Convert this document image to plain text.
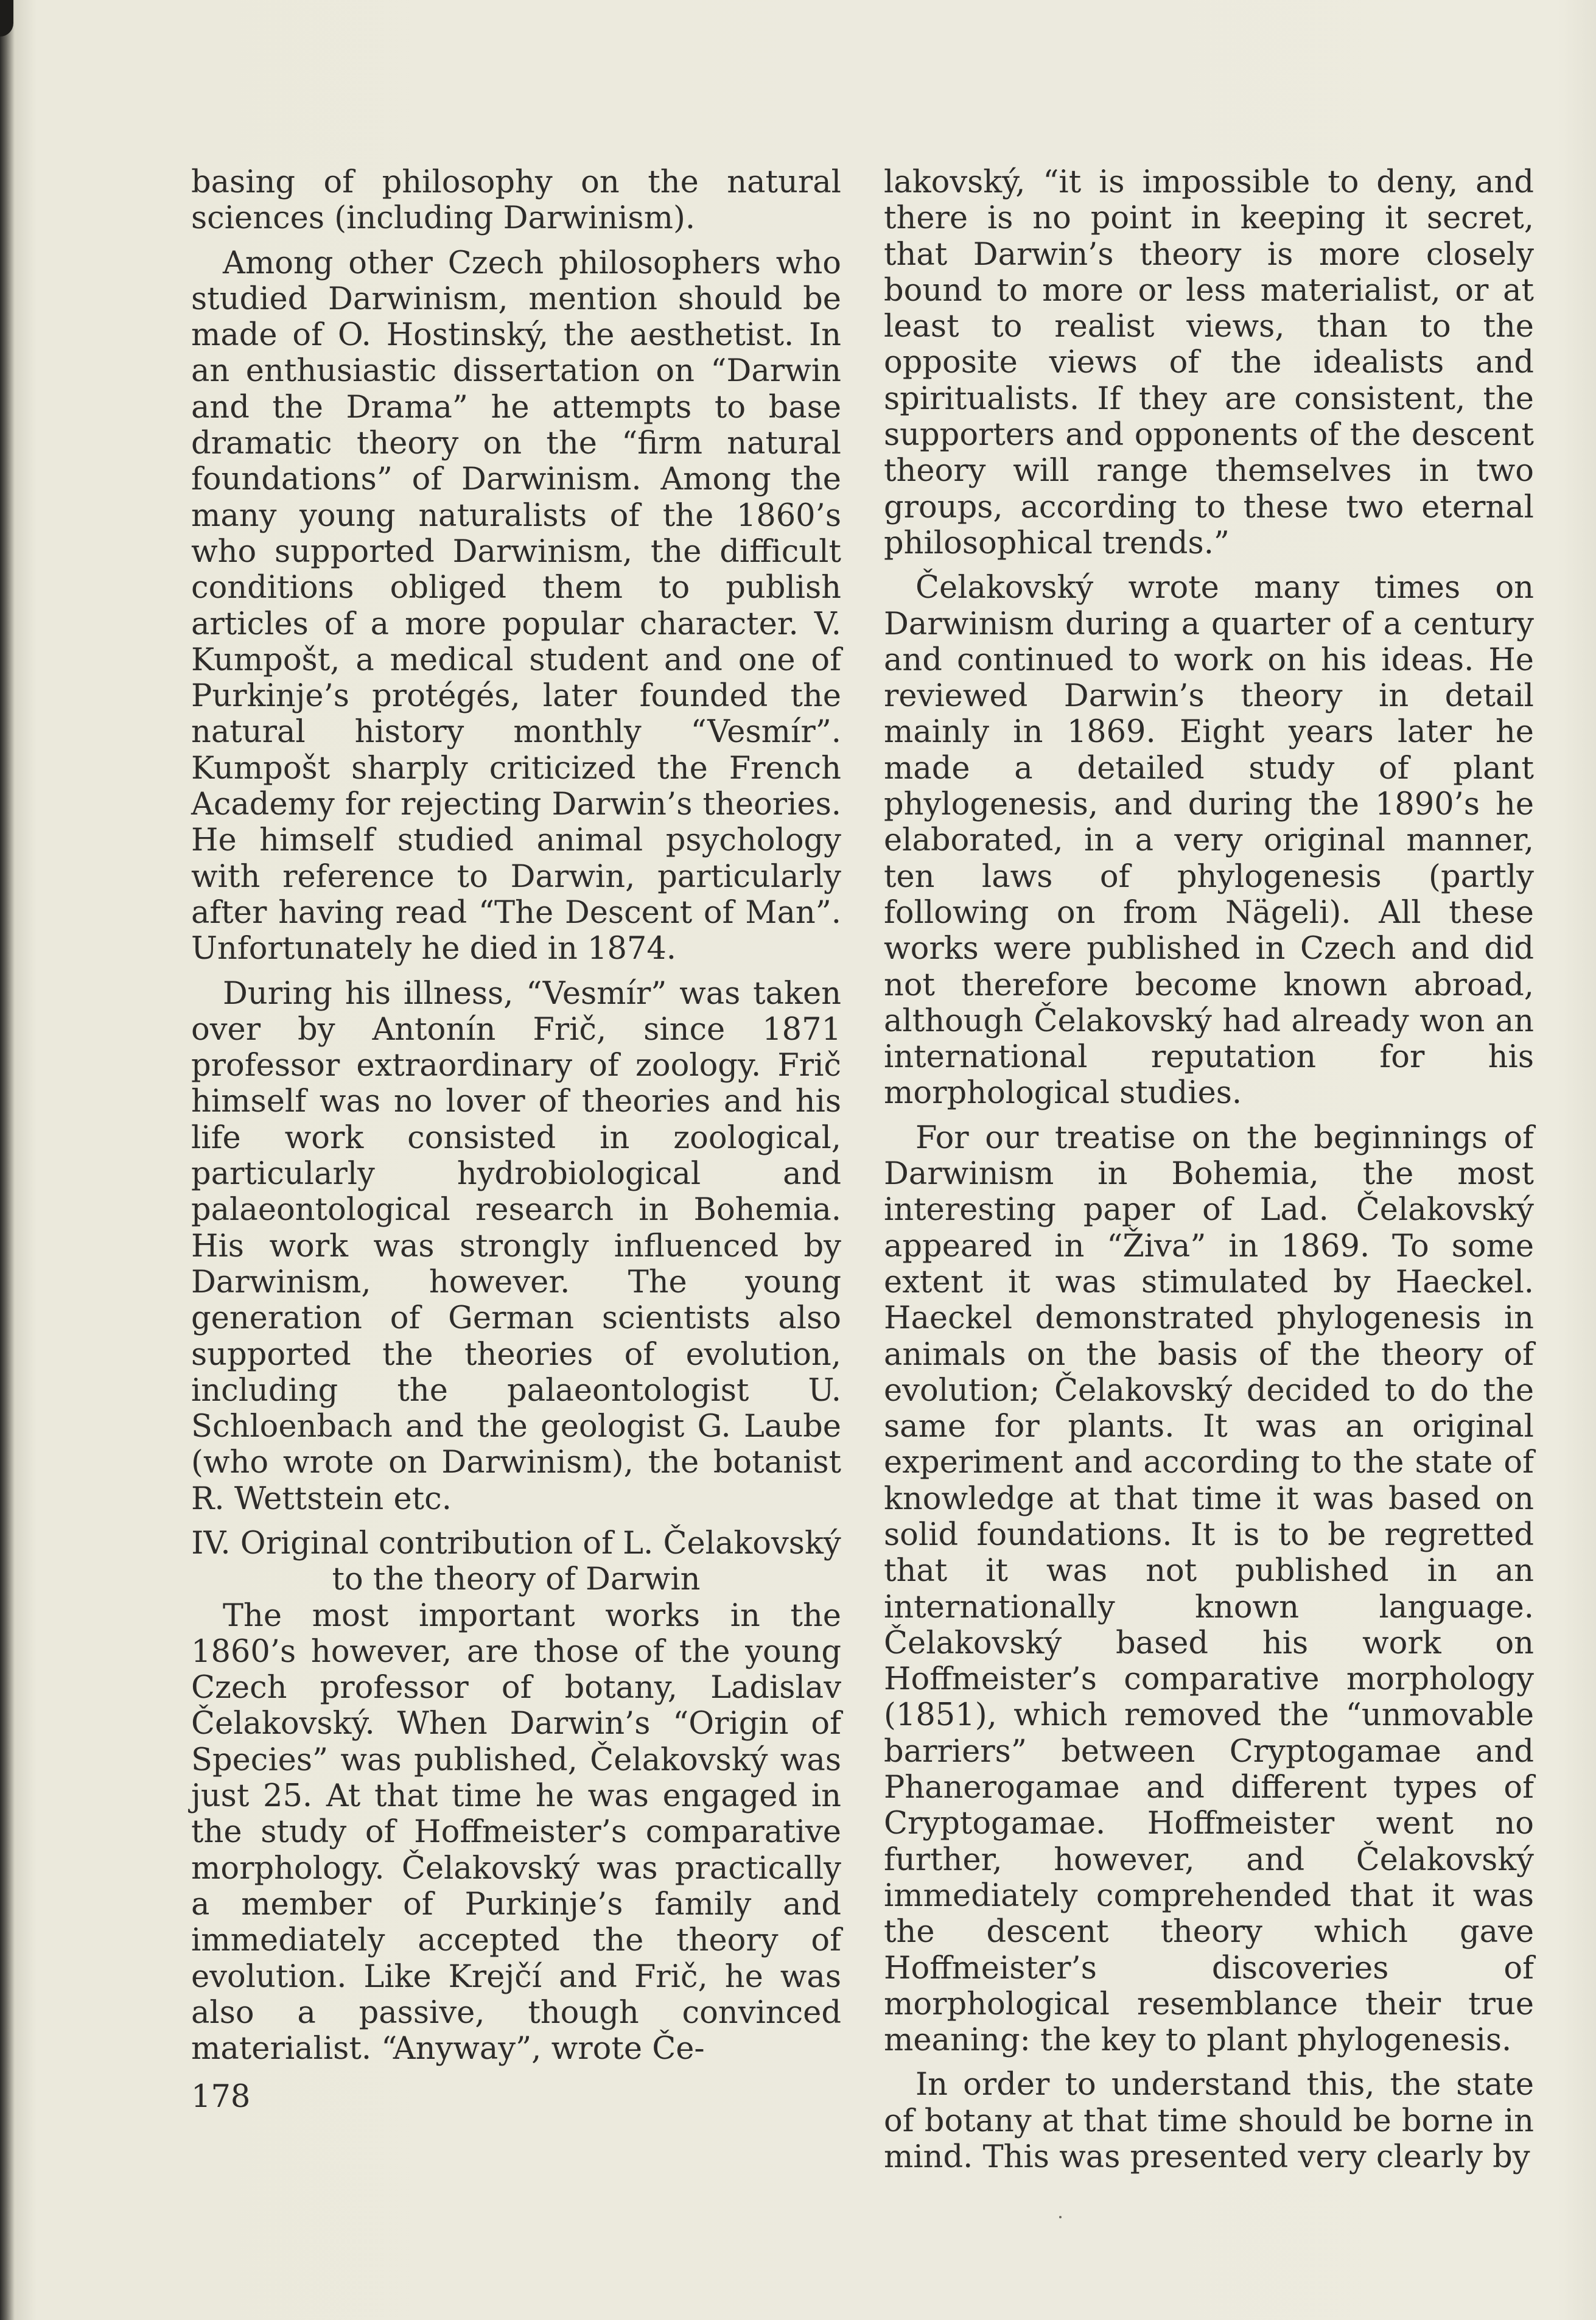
basing of philosophy on the natural sciences (including Darwinism).

Among other Czech philosophers who studied Darwinism, mention should be made of O. Hostinský, the aesthetist. In an enthusiastic dissertation on “Darwin and the Drama” he attempts to base dramatic theory on the “firm natural foundations” of Darwinism. Among the many young naturalists of the 1860’s who supported Darwinism, the difficult conditions obliged them to publish articles of a more popular character. V. Kumpošt, a medical student and one of Purkinje’s protégés, later founded the natural history monthly “Vesmír”. Kumpošt sharply criticized the French Academy for rejecting Darwin’s theories. He himself studied animal psychology with reference to Darwin, particularly after having read “The Descent of Man”. Unfortunately he died in 1874.

During his illness, “Vesmír” was taken over by Antonín Frič, since 1871 professor extraordinary of zoology. Frič himself was no lover of theories and his life work consisted in zoological, particularly hydrobiological and palaeontological research in Bohemia. His work was strongly influenced by Darwinism, however. The young generation of German scientists also supported the theories of evolution, including the palaeontologist U. Schloenbach and the geologist G. Laube (who wrote on Darwinism), the botanist R. Wettstein etc.

IV. Original contribution of L. Čelakovský
to the theory of Darwin

The most important works in the 1860’s however, are those of the young Czech professor of botany, Ladislav Čelakovský. When Darwin’s “Origin of Species” was published, Čelakovský was just 25. At that time he was engaged in the study of Hoffmeister’s comparative morphology. Čelakovský was practically a member of Purkinje’s family and immediately accepted the theory of evolution. Like Krejčí and Frič, he was also a passive, though convinced materialist. “Anyway”, wrote Če-

lakovský, “it is impossible to deny, and there is no point in keeping it secret, that Darwin’s theory is more closely bound to more or less materialist, or at least to realist views, than to the opposite views of the idealists and spiritualists. If they are consistent, the supporters and opponents of the descent theory will range themselves in two groups, according to these two eternal philosophical trends.”

Čelakovský wrote many times on Darwinism during a quarter of a century and continued to work on his ideas. He reviewed Darwin’s theory in detail mainly in 1869. Eight years later he made a detailed study of plant phylogenesis, and during the 1890’s he elaborated, in a very original manner, ten laws of phylogenesis (partly following on from Nägeli). All these works were published in Czech and did not therefore become known abroad, although Čelakovský had already won an international reputation for his morphological studies.

For our treatise on the beginnings of Darwinism in Bohemia, the most interesting paper of Lad. Čelakovský appeared in “Živa” in 1869. To some extent it was stimulated by Haeckel. Haeckel demonstrated phylogenesis in animals on the basis of the theory of evolution; Čelakovský decided to do the same for plants. It was an original experiment and according to the state of knowledge at that time it was based on solid foundations. It is to be regretted that it was not published in an internationally known language. Čelakovský based his work on Hoffmeister’s comparative morphology (1851), which removed the “unmovable barriers” between Cryptogamae and Phanerogamae and different types of Cryptogamae. Hoffmeister went no further, however, and Čelakovský immediately comprehended that it was the descent theory which gave Hoffmeister’s discoveries of morphological resemblance their true meaning: the key to plant phylogenesis.

In order to understand this, the state of botany at that time should be borne in mind. This was presented very clearly by

178
